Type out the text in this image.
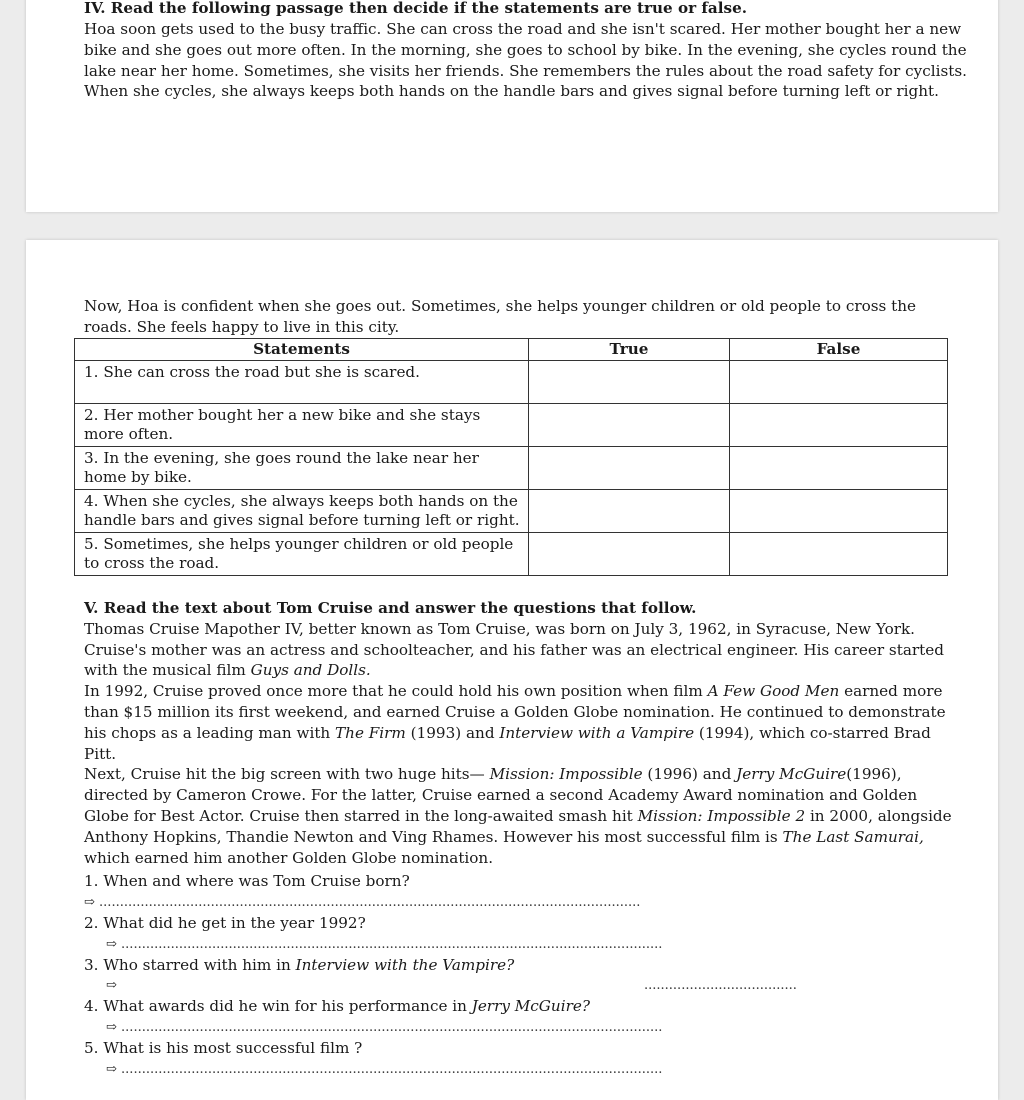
IV. Read the following passage then decide if the statements are true or false.

Hoa soon gets used to the busy traffic. She can cross the road and she isn't scared. Her mother bought her a new bike and she goes out more often. In the morning, she goes to school by bike. In the evening, she cycles round the lake near her home. Sometimes, she visits her friends. She remembers the rules about the road safety for cyclists. When she cycles, she always keeps both hands on the handle bars and gives signal before turning left or right.

Now, Hoa is confident when she goes out. Sometimes, she helps younger children or old people to cross the roads. She feels happy to live in this city.

Statements	True	False
1. She can cross the road but she is scared.		
2. Her mother bought her a new bike and she stays more often.		
3. In the evening, she goes round the lake near her home by bike.		
4. When she cycles, she always keeps both hands on the handle bars and gives signal before turning left or right.		
5. Sometimes, she helps younger children or old people to cross the road.		
V. Read the text about Tom Cruise and answer the questions that follow.
Thomas Cruise Mapother IV, better known as Tom Cruise, was born on July 3, 1962, in Syracuse, New York. Cruise's mother was an actress and schoolteacher, and his father was an electrical engineer. His career started with the musical film Guys and Dolls.
In 1992, Cruise proved once more that he could hold his own position when film A Few Good Men earned more than $15 million its first weekend, and earned Cruise a Golden Globe nomination. He continued to demonstrate his chops as a leading man with The Firm (1993) and Interview with a Vampire (1994), which co-starred Brad Pitt.
Next, Cruise hit the big screen with two huge hits— Mission: Impossible (1996) and Jerry McGuire(1996), directed by Cameron Crowe. For the latter, Cruise earned a second Academy Award nomination and Golden Globe for Best Actor. Cruise then starred in the long-awaited smash hit Mission: Impossible 2 in 2000, alongside Anthony Hopkins, Thandie Newton and Ving Rhames. However his most successful film is The Last Samurai, which earned him another Golden Globe nomination.

1. When and where was Tom Cruise born?

⇨ ...................................................................................................................................

2. What did he get in the year 1992?

⇨ ...................................................................................................................................

3. Who starred with him in Interview with the Vampire?

⇨	.....................................

4. What awards did he win for his performance in Jerry McGuire?

⇨ ...................................................................................................................................

5. What is his most successful film ?

⇨ ...................................................................................................................................
